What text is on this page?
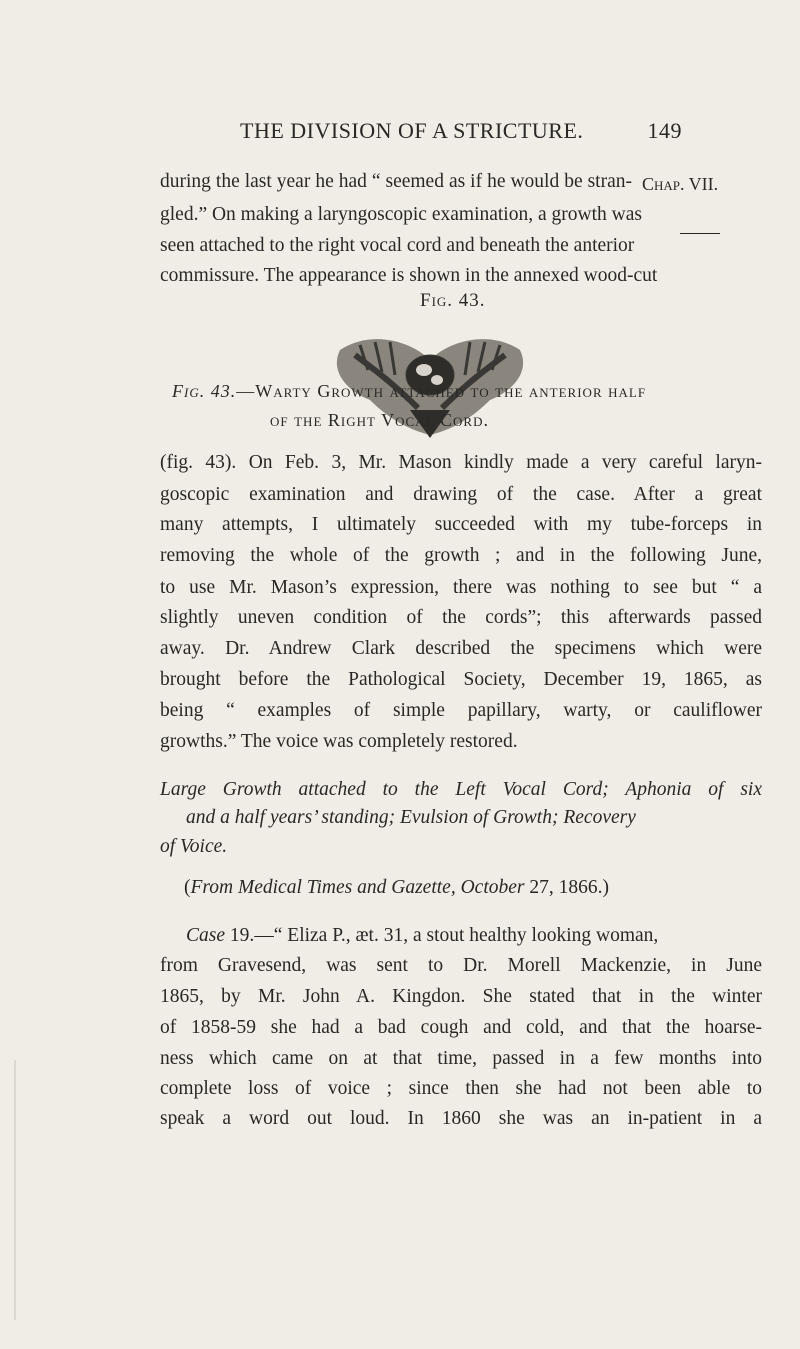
THE DIVISION OF A STRICTURE.	149
Chap. VII.
during the last year he had “ seemed as if he would be stran-
gled.” On making a laryngoscopic examination, a growth was
seen attached to the right vocal cord and beneath the anterior
commissure. The appearance is shown in the annexed wood-cut
Fig. 43.
Fig. 43.—Warty Growth attached to the anterior half
of the Right Vocal Cord.
(fig. 43). On Feb. 3, Mr. Mason kindly made a very careful laryn-
goscopic examination and drawing of the case. After a great
many attempts, I ultimately succeeded with my tube-forceps in
removing the whole of the growth ; and in the following June,
to use Mr. Mason’s expression, there was nothing to see but “ a
slightly uneven condition of the cords”; this afterwards passed
away. Dr. Andrew Clark described the specimens which were
brought before the Pathological Society, December 19, 1865, as
being “ examples of simple papillary, warty, or cauliflower
growths.” The voice was completely restored.
Large Growth attached to the Left Vocal Cord; Aphonia of six
and a half years’ standing; Evulsion of Growth; Recovery
of Voice.
(From Medical Times and Gazette, October 27, 1866.)
Case 19.—“ Eliza P., æt. 31, a stout healthy looking woman,
from Gravesend, was sent to Dr. Morell Mackenzie, in June
1865, by Mr. John A. Kingdon. She stated that in the winter
of 1858-59 she had a bad cough and cold, and that the hoarse-
ness which came on at that time, passed in a few months into
complete loss of voice ; since then she had not been able to
speak a word out loud. In 1860 she was an in-patient in a
